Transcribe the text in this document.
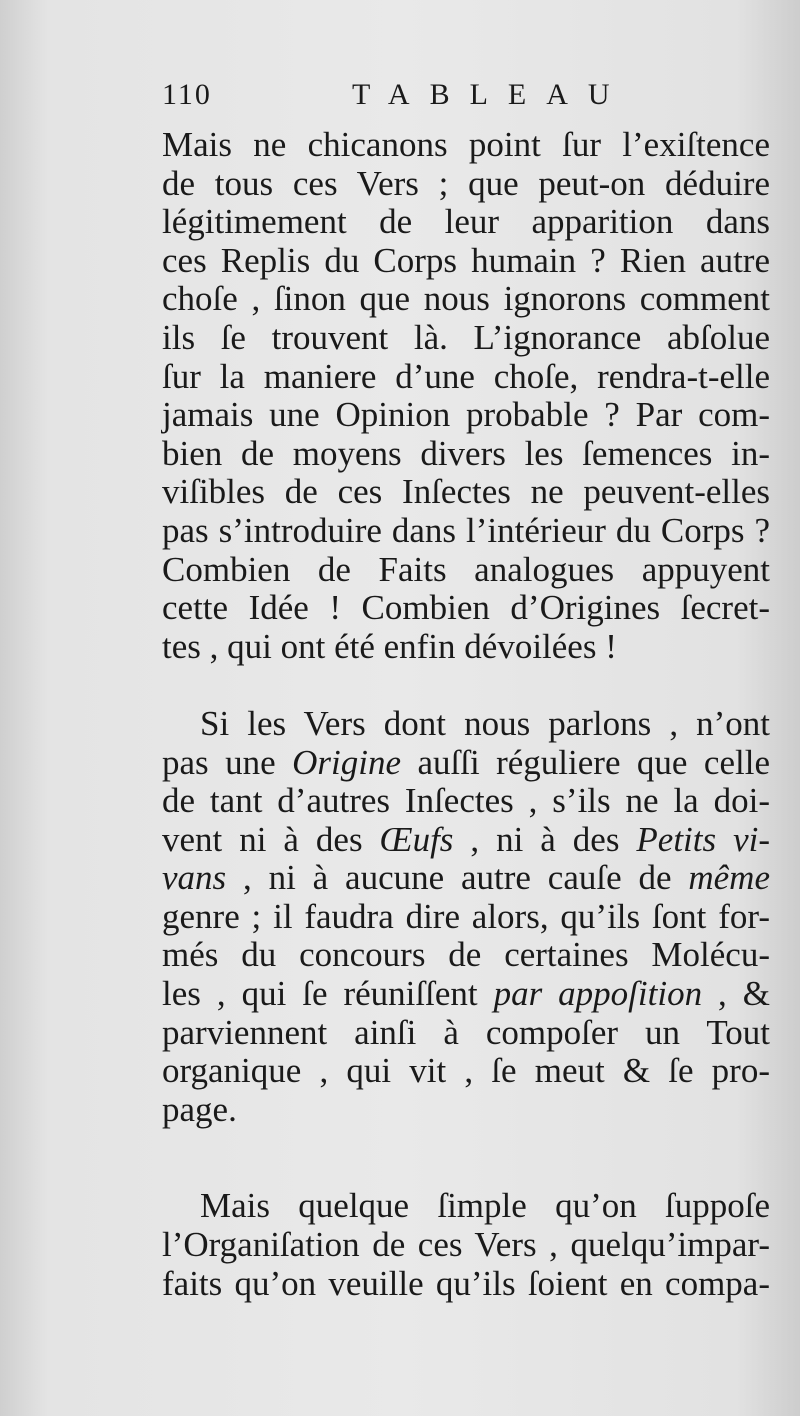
110	TABLEAU
Mais ne chicanons point ſur l’exiſtence
de tous ces Vers ; que peut-on déduire
légitimement de leur apparition dans
ces Replis du Corps humain ? Rien autre
choſe , ſinon que nous ignorons comment
ils ſe trouvent là. L’ignorance abſolue
ſur la maniere d’une choſe, rendra-t-elle
jamais une Opinion probable ? Par com-
bien de moyens divers les ſemences in-
viſibles de ces Inſectes ne peuvent-elles
pas s’introduire dans l’intérieur du Corps ?
Combien de Faits analogues appuyent
cette Idée ! Combien d’Origines ſecret-
tes , qui ont été enfin dévoilées !
Si les Vers dont nous parlons , n’ont
pas une Origine auſſi réguliere que celle
de tant d’autres Inſectes , s’ils ne la doi-
vent ni à des Œufs , ni à des Petits vi-
vans , ni à aucune autre cauſe de même
genre ; il faudra dire alors, qu’ils ſont for-
més du concours de certaines Molécu-
les , qui ſe réuniſſent par appoſition , &
parviennent ainſi à compoſer un Tout
organique , qui vit , ſe meut & ſe pro-
page.
Mais quelque ſimple qu’on ſuppoſe
l’Organiſation de ces Vers , quelqu’impar-
faits qu’on veuille qu’ils ſoient en compa-
